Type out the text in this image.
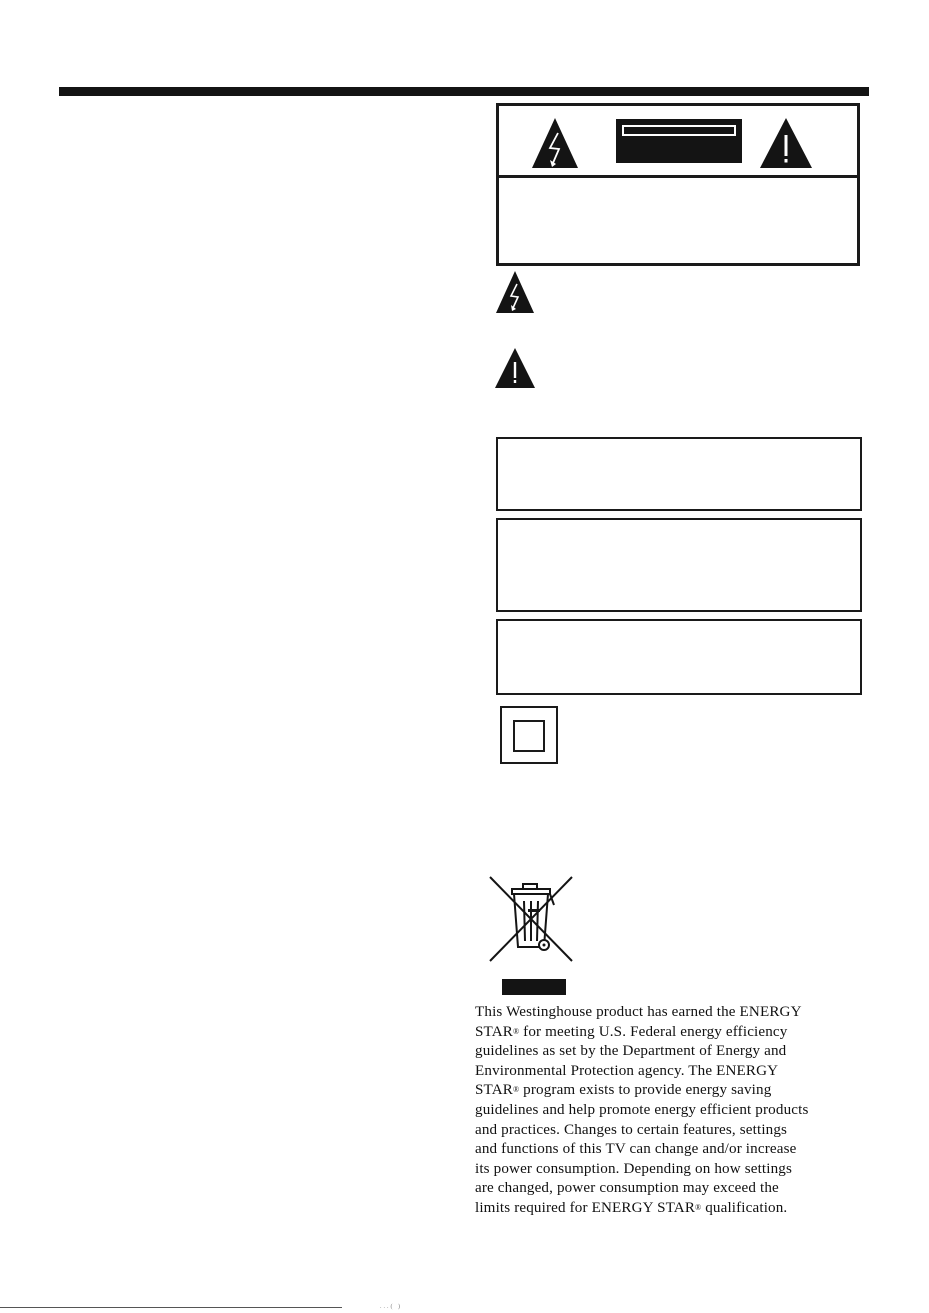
This Westinghouse product has earned the ENERGY
STAR® for meeting U.S. Federal energy efficiency
guidelines as set by the Department of Energy and
Environmental Protection agency. The ENERGY
STAR® program exists to provide energy saving
guidelines and help promote energy efficient products
and practices. Changes to certain features, settings
and functions of this TV can change and/or increase
its power consumption. Depending on how settings
are changed, power consumption may exceed the
limits required for ENERGY STAR® qualification.
...( )
